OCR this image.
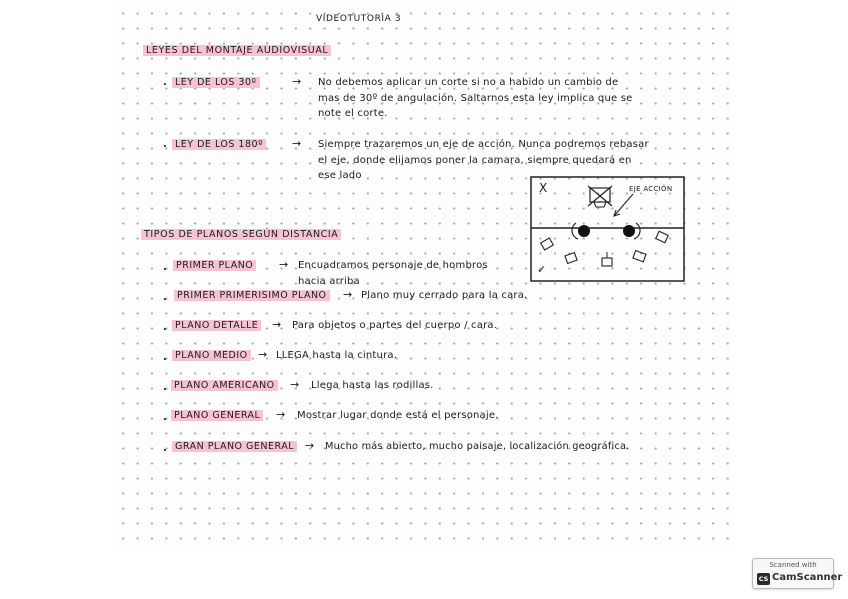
VIDEOTUTORIA 3
LEYES DEL MONTAJE AUDIOVISUAL
. LEY DE LOS 30º	→ No debemos aplicar un corte si no a habido un cambio de
mas de 30º de angulación. Saltarnos esta ley implica que se
note el corte.
. LEY DE LOS 180º	→ Siempre trazaremos un eje de acción. Nunca podremos rebasar
el eje, donde elijamos poner la camara, siempre quedará en
ese lado
X	EJE ACCIÓN
✓
TIPOS DE PLANOS SEGÚN DISTANCIA
. PRIMER PLANO → Encuadramos personaje de hombros
hacia arriba
.	PRIMER PRIMERISIMO PLANO → Plano muy cerrado para la cara.
. PLANO DETALLE → Para objetos o partes del cuerpo / cara.
. PLANO MEDIO → LLEGA hasta la cintura.
. PLANO AMERICANO → Llega hasta las rodillas.
. PLANO GENERAL → Mostrar lugar donde está el personaje.
. GRAN PLANO GENERAL → Mucho más abierto, mucho paisaje, localización geográfica.
Scanned with
CS CamScanner
